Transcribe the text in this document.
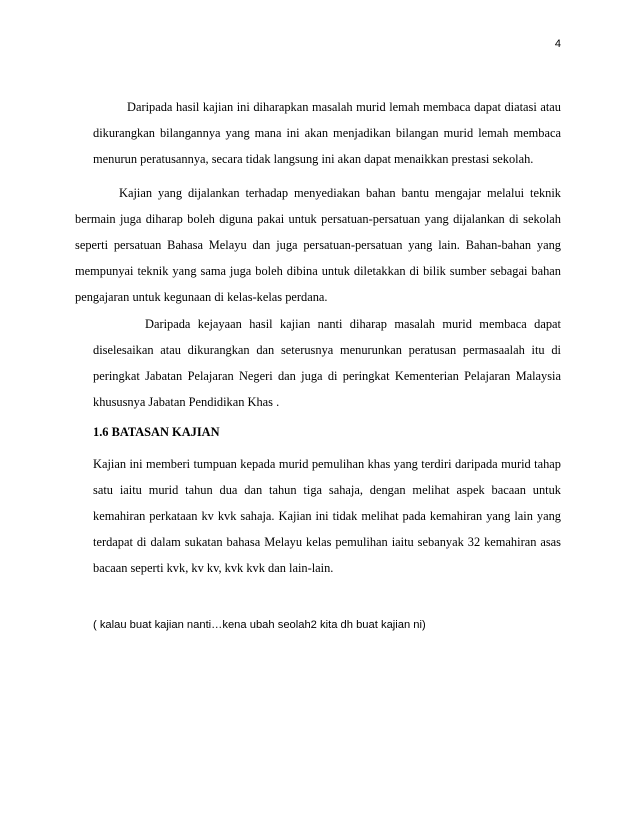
4

Daripada hasil kajian ini diharapkan masalah murid lemah membaca dapat diatasi atau dikurangkan bilangannya yang mana ini akan menjadikan bilangan murid lemah membaca menurun peratusannya, secara tidak langsung ini akan dapat menaikkan prestasi sekolah.

Kajian yang dijalankan terhadap menyediakan bahan bantu mengajar melalui teknik bermain juga diharap boleh diguna pakai untuk persatuan-persatuan yang dijalankan di sekolah seperti persatuan Bahasa Melayu dan juga persatuan-persatuan yang lain. Bahan-bahan yang mempunyai teknik yang sama juga boleh dibina untuk diletakkan di bilik sumber sebagai bahan pengajaran untuk kegunaan di kelas-kelas perdana.

Daripada kejayaan hasil kajian nanti diharap masalah murid membaca dapat diselesaikan atau dikurangkan dan seterusnya menurunkan peratusan permasaalah itu di peringkat Jabatan Pelajaran Negeri dan juga di peringkat Kementerian Pelajaran Malaysia khususnya Jabatan Pendidikan Khas .

1.6 BATASAN KAJIAN

Kajian ini memberi tumpuan kepada murid pemulihan khas yang terdiri daripada murid tahap satu iaitu murid tahun dua dan tahun tiga sahaja, dengan melihat aspek bacaan untuk kemahiran perkataan kv kvk sahaja. Kajian ini tidak melihat pada kemahiran yang lain yang terdapat di dalam sukatan bahasa Melayu kelas pemulihan iaitu sebanyak 32 kemahiran asas bacaan seperti kvk, kv kv, kvk kvk dan lain-lain.

( kalau buat kajian nanti…kena ubah seolah2 kita dh buat kajian ni)
